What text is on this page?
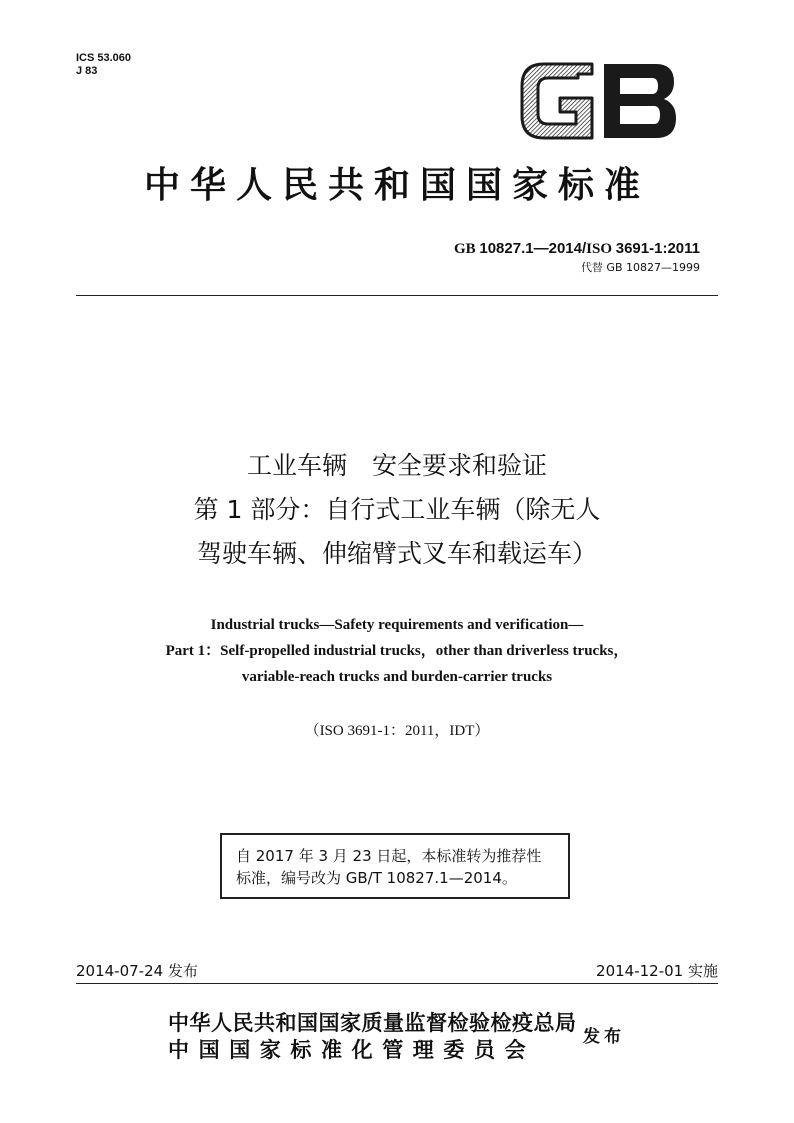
ICS 53.060
J 83
中华人民共和国国家标准
GB 10827.1—2014/ISO 3691-1:2011
代替 GB 10827—1999
工业车辆　安全要求和验证
第 1 部分：自行式工业车辆（除无人
驾驶车辆、伸缩臂式叉车和载运车）
Industrial trucks—Safety requirements and verification—
Part 1：Self-propelled industrial trucks，other than driverless trucks，
variable-reach trucks and burden-carrier trucks
（ISO 3691-1：2011，IDT）
自 2017 年 3 月 23 日起，本标准转为推荐性
标准，编号改为 GB/T 10827.1—2014。
2014-07-24 发布	2014-12-01 实施
中华人民共和国国家质量监督检验检疫总局
中国国家标准化管理委员会
发布
